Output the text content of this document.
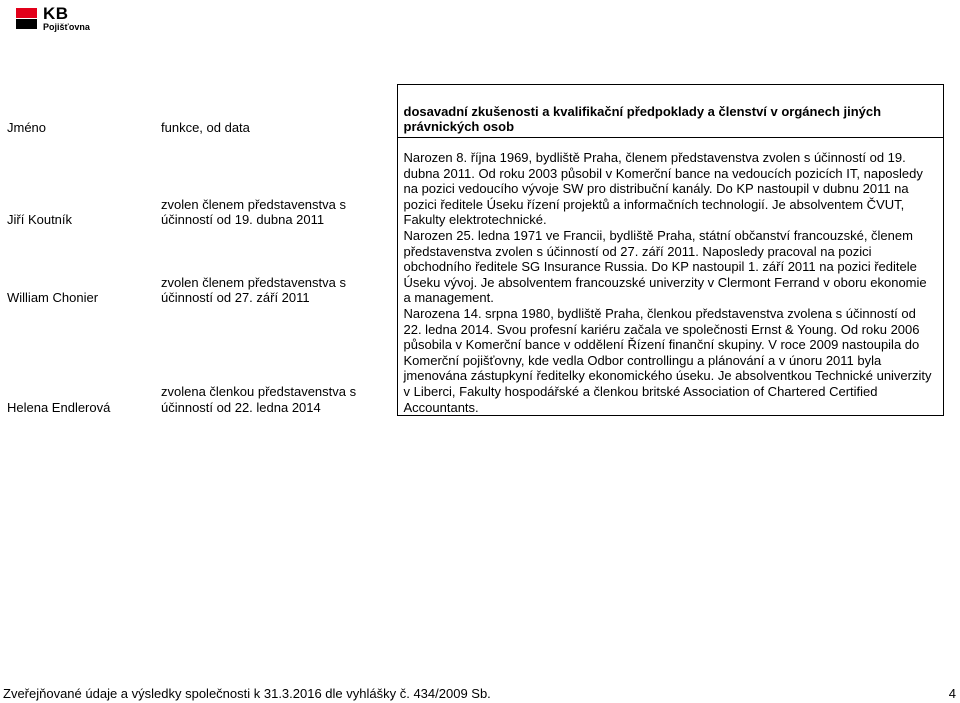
KB
Pojišťovna
Jméno	funkce, od data	dosavadní zkušenosti a kvalifikační předpoklady a členství v orgánech jiných právnických osob
Jiří Koutník	zvolen členem představenstva s účinností od 19. dubna 2011	Narozen 8. října 1969, bydliště Praha, členem představenstva zvolen s účinností od 19. dubna 2011. Od roku 2003 působil v Komerční bance na vedoucích pozicích IT, naposledy na pozici vedoucího vývoje SW pro distribuční kanály. Do KP nastoupil v dubnu 2011 na pozici ředitele Úseku řízení projektů a informačních technologií. Je absolventem ČVUT, Fakulty elektrotechnické.
William Chonier	zvolen členem představenstva s účinností od 27. září 2011	Narozen 25. ledna 1971 ve Francii, bydliště Praha, státní občanství francouzské, členem představenstva zvolen s účinností od 27. září 2011. Naposledy pracoval na pozici obchodního ředitele SG Insurance Russia. Do KP nastoupil 1. září 2011 na pozici ředitele Úseku vývoj. Je absolventem francouzské univerzity v Clermont Ferrand v oboru ekonomie a management.
Helena Endlerová	zvolena členkou představenstva s účinností od 22. ledna 2014	Narozena 14. srpna 1980, bydliště Praha, členkou představenstva zvolena s účinností od 22. ledna 2014. Svou profesní kariéru začala ve společnosti Ernst & Young. Od roku 2006 působila v Komerční bance v oddělení Řízení finanční skupiny. V roce 2009 nastoupila do Komerční pojišťovny, kde vedla Odbor controllingu a plánování a v únoru 2011 byla jmenována zástupkyní ředitelky ekonomického úseku. Je absolventkou Technické univerzity v Liberci, Fakulty hospodářské a členkou britské Association of Chartered Certified Accountants.
Zveřejňované údaje a výsledky společnosti k 31.3.2016 dle vyhlášky č. 434/2009 Sb.	4
